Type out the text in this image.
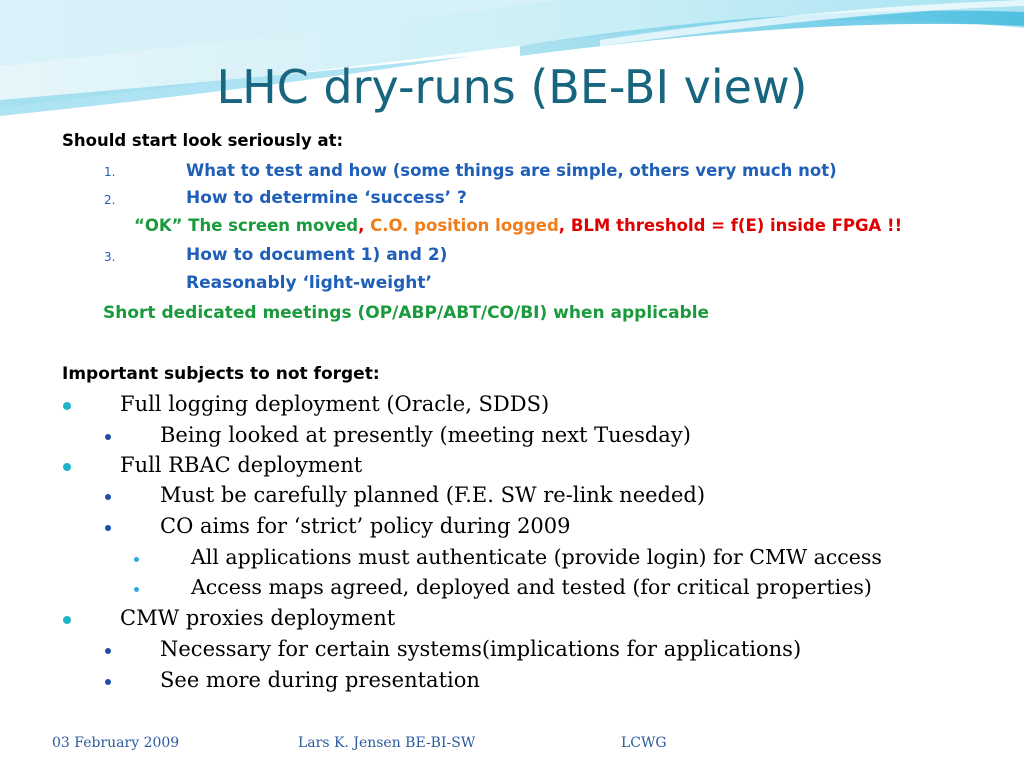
LHC dry-runs (BE-BI view)
Should start look seriously at:
1.	What to test and how (some things are simple, others very much not)
2.	How to determine ‘success’ ?
“OK” The screen moved, C.O. position logged, BLM threshold = f(E) inside FPGA !!
3.	How to document 1) and 2)
Reasonably ‘light-weight’
Short dedicated meetings (OP/ABP/ABT/CO/BI) when applicable
Important subjects to not forget:
Full logging deployment (Oracle, SDDS)
Being looked at presently (meeting next Tuesday)
Full RBAC deployment
Must be carefully planned (F.E. SW re-link needed)
CO aims for ‘strict’ policy during 2009
All applications must authenticate (provide login) for CMW access
Access maps agreed, deployed and tested (for critical properties)
CMW proxies deployment
Necessary for certain systems(implications for applications)
See more during presentation
03 February 2009	Lars K. Jensen BE-BI-SW	LCWG
